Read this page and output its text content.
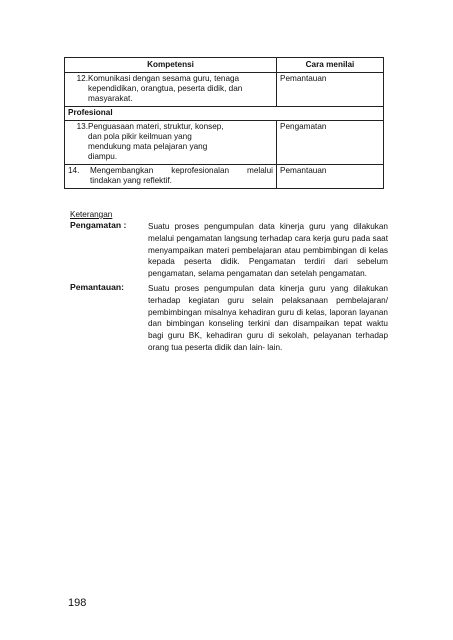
Kompetensi	Cara menilai

12. Komunikasi dengan sesama guru, tenaga kependidikan, orangtua, peserta didik, dan masyarakat.	Pemantauan
Profesional	

13. Penguasaan materi, struktur, konsep, dan pola pikir keilmuan yang mendukung mata pelajaran yang diampu.	Pengamatan

14. Mengembangkan keprofesionalan melalui tindakan yang reflektif.	Pemantauan
Keterangan
Pengamatan :	Suatu proses pengumpulan data kinerja guru yang dilakukan melalui pengamatan langsung terhadap cara kerja guru pada saat menyampaikan materi pembelajaran atau pembimbingan di kelas kepada peserta didik. Pengamatan terdiri dari sebelum pengamatan, selama pengamatan dan setelah pengamatan.
Pemantauan:	Suatu proses pengumpulan data kinerja guru yang dilakukan terhadap kegiatan guru selain pelaksanaan pembelajaran/ pembimbingan misalnya kehadiran guru di kelas, laporan layanan dan bimbingan konseling terkini dan disampaikan tepat waktu bagi guru BK, kehadiran guru di sekolah, pelayanan terhadap orang tua peserta didik dan lain- lain.
198
